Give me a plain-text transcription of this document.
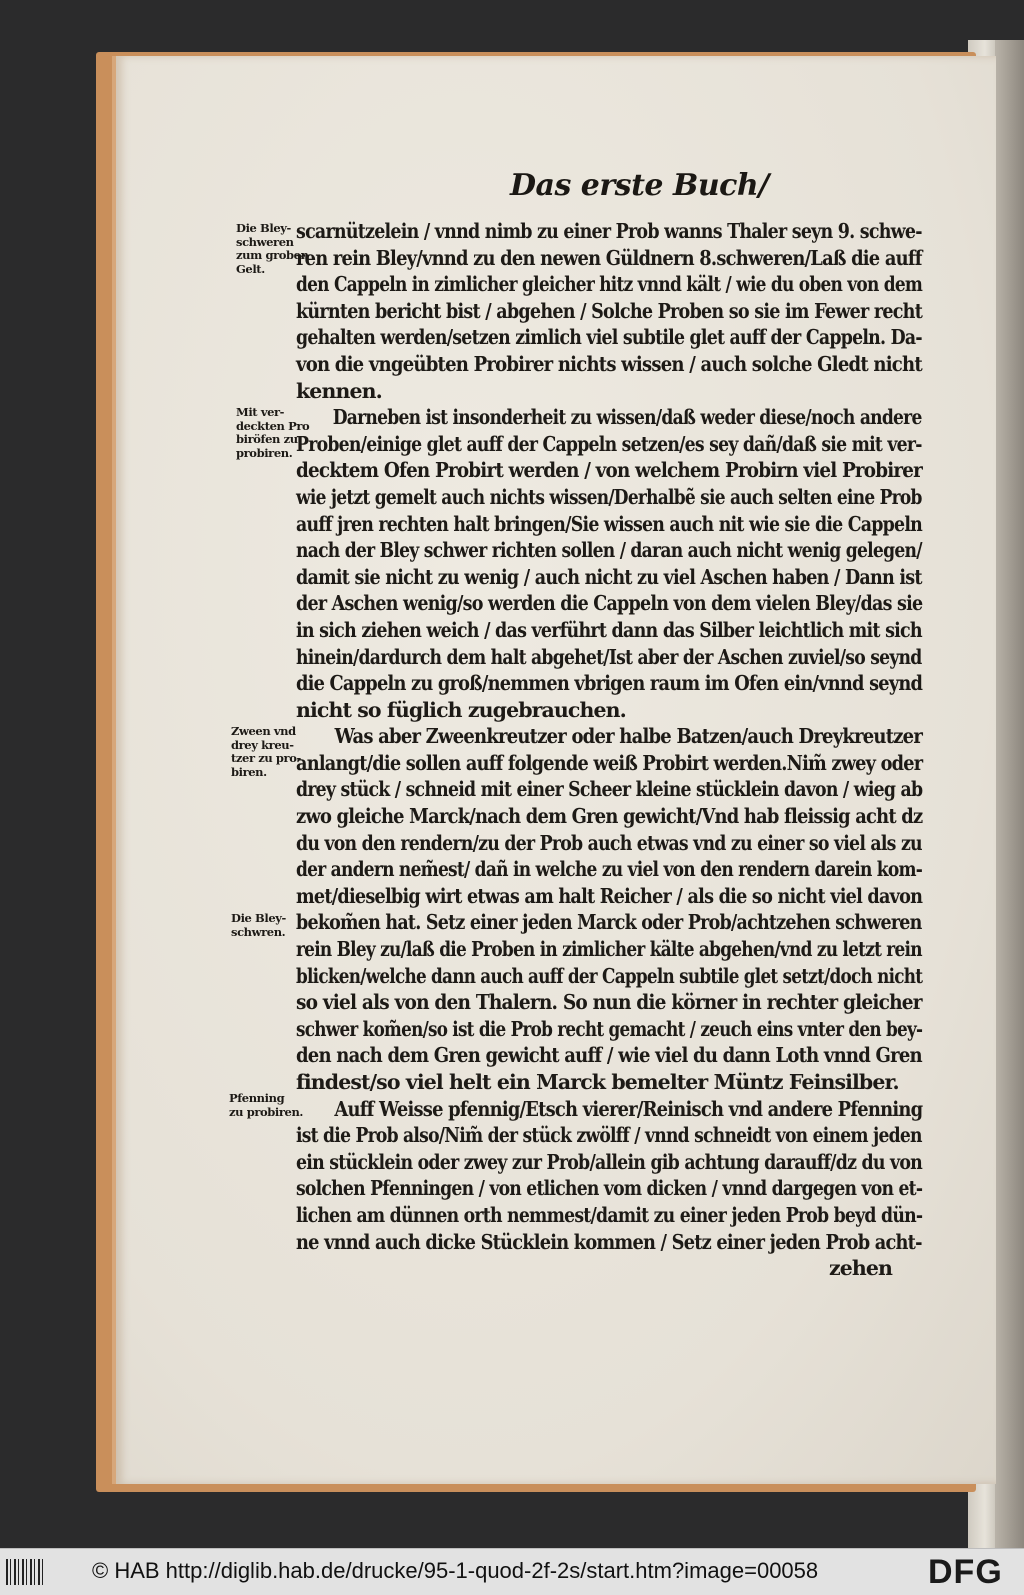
Das erste Buch/
scarnützelein / vnnd nimb zu einer Prob wanns Thaler seyn 9. schwe-
ren rein Bley/vnnd zu den newen Güldnern 8.schweren/Laß die auff
den Cappeln in zimlicher gleicher hitz vnnd kält / wie du oben von dem
kürnten bericht bist / abgehen / Solche Proben so sie im Fewer recht
gehalten werden/setzen zimlich viel subtile glet auff der Cappeln. Da-
von die vngeübten Probirer nichts wissen / auch solche Gledt nicht
kennen.
Darneben ist insonderheit zu wissen/daß weder diese/noch andere
Proben/einige glet auff der Cappeln setzen/es sey dañ/daß sie mit ver-
decktem Ofen Probirt werden / von welchem Probirn viel Probirer
wie jetzt gemelt auch nichts wissen/Derhalbẽ sie auch selten eine Prob
auff jren rechten halt bringen/Sie wissen auch nit wie sie die Cappeln
nach der Bley schwer richten sollen / daran auch nicht wenig gelegen/
damit sie nicht zu wenig / auch nicht zu viel Aschen haben / Dann ist
der Aschen wenig/so werden die Cappeln von dem vielen Bley/das sie
in sich ziehen weich / das verführt dann das Silber leichtlich mit sich
hinein/dardurch dem halt abgehet/Ist aber der Aschen zuviel/so seynd
die Cappeln zu groß/nemmen vbrigen raum im Ofen ein/vnnd seynd
nicht so füglich zugebrauchen.
Was aber Zweenkreutzer oder halbe Batzen/auch Dreykreutzer
anlangt/die sollen auff folgende weiß Probirt werden.Nim̃ zwey oder
drey stück / schneid mit einer Scheer kleine stücklein davon / wieg ab
zwo gleiche Marck/nach dem Gren gewicht/Vnd hab fleissig acht dz
du von den rendern/zu der Prob auch etwas vnd zu einer so viel als zu
der andern nem̃est/ dañ in welche zu viel von den rendern darein kom-
met/dieselbig wirt etwas am halt Reicher / als die so nicht viel davon
bekom̃en hat. Setz einer jeden Marck oder Prob/achtzehen schweren
rein Bley zu/laß die Proben in zimlicher kälte abgehen/vnd zu letzt rein
blicken/welche dann auch auff der Cappeln subtile glet setzt/doch nicht
so viel als von den Thalern. So nun die körner in rechter gleicher
schwer kom̃en/so ist die Prob recht gemacht / zeuch eins vnter den bey-
den nach dem Gren gewicht auff / wie viel du dann Loth vnnd Gren
findest/so viel helt ein Marck bemelter Müntz Feinsilber.
Auff Weisse pfennig/Etsch vierer/Reinisch vnd andere Pfenning
ist die Prob also/Nim̃ der stück zwölff / vnnd schneidt von einem jeden
ein stücklein oder zwey zur Prob/allein gib achtung darauff/dz du von
solchen Pfenningen / von etlichen vom dicken / vnnd dargegen von et-
lichen am dünnen orth nemmest/damit zu einer jeden Prob beyd dün-
ne vnnd auch dicke Stücklein kommen / Setz einer jeden Prob acht-
zehen
Die Bley-
schweren
zum groben
Gelt.
Mit ver-
deckten Pro
biröfen zu
probiren.
Zween vnd
drey kreu-
tzer zu pro-
biren.
Die Bley-
schwren.
Pfenning
zu probiren.
© HAB http://diglib.hab.de/drucke/95-1-quod-2f-2s/start.htm?image=00058	DFG
